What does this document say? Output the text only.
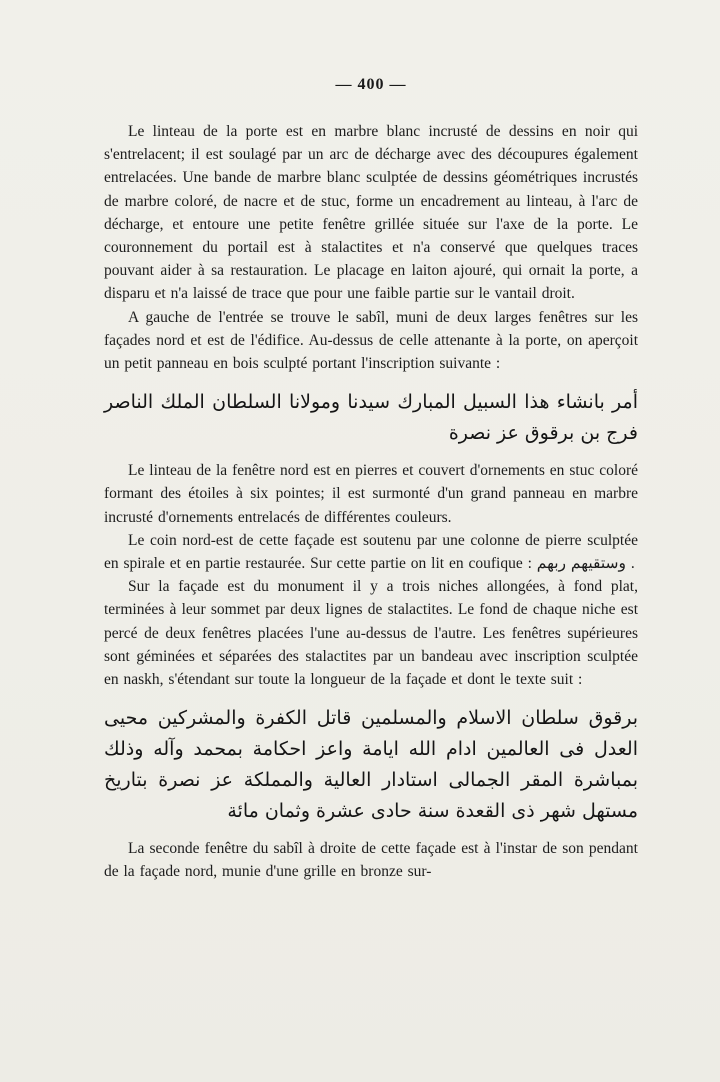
— 400 —

Le linteau de la porte est en marbre blanc incrusté de dessins en noir qui s'entrelacent; il est soulagé par un arc de décharge avec des découpures également entrelacées. Une bande de marbre blanc sculptée de dessins géométriques incrustés de marbre coloré, de nacre et de stuc, forme un encadrement au linteau, à l'arc de décharge, et entoure une petite fenêtre grillée située sur l'axe de la porte. Le couronnement du portail est à stalactites et n'a conservé que quelques traces pouvant aider à sa restauration. Le placage en laiton ajouré, qui ornait la porte, a disparu et n'a laissé de trace que pour une faible partie sur le vantail droit.

A gauche de l'entrée se trouve le sabîl, muni de deux larges fenêtres sur les façades nord et est de l'édifice. Au-dessus de celle attenante à la porte, on aperçoit un petit panneau en bois sculpté portant l'inscription suivante :

أمر بانشاء هذا السبيل المبارك سيدنا ومولانا السلطان الملك الناصر فرج بن برقوق عز نصرة

Le linteau de la fenêtre nord est en pierres et couvert d'ornements en stuc coloré formant des étoiles à six pointes; il est surmonté d'un grand panneau en marbre incrusté d'ornements entrelacés de différentes couleurs.

Le coin nord-est de cette façade est soutenu par une colonne de pierre sculptée en spirale et en partie restaurée. Sur cette partie on lit en coufique : وستقيهم ربهم .

Sur la façade est du monument il y a trois niches allongées, à fond plat, terminées à leur sommet par deux lignes de stalactites. Le fond de chaque niche est percé de deux fenêtres placées l'une au-dessus de l'autre. Les fenêtres supérieures sont géminées et séparées des stalactites par un bandeau avec inscription sculptée en naskh, s'étendant sur toute la longueur de la façade et dont le texte suit :

برقوق سلطان الاسلام والمسلمين قاتل الكفرة والمشركين محيى العدل فى العالمين ادام الله ايامة واعز احكامة بمحمد وآله وذلك بمباشرة المقر الجمالى استادار العالية والمملكة عز نصرة بتاريخ مستهل شهر ذى القعدة سنة حادى عشرة وثمان مائة

La seconde fenêtre du sabîl à droite de cette façade est à l'instar de son pendant de la façade nord, munie d'une grille en bronze sur-
